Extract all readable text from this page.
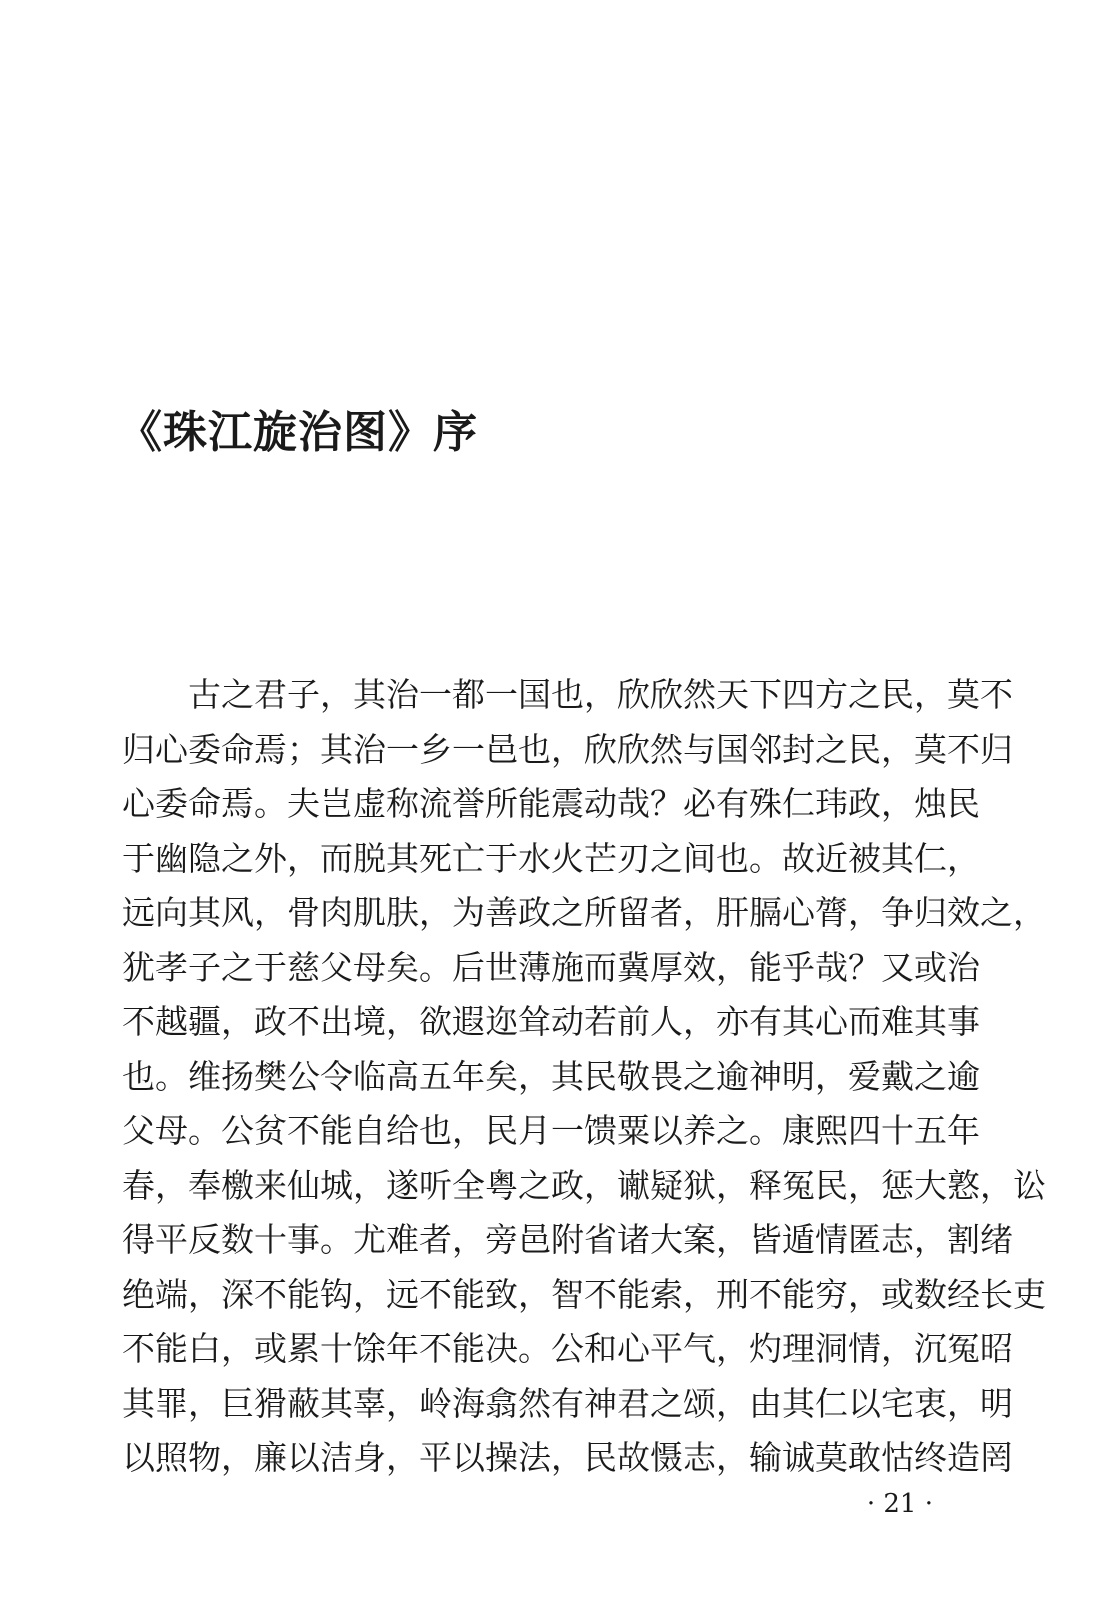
《珠江旋治图》序
古之君子，其治一都一国也，欣欣然天下四方之民，莫不
归心委命焉；其治一乡一邑也，欣欣然与国邻封之民，莫不归
心委命焉。夫岂虚称流誉所能震动哉？必有殊仁玮政，烛民
于幽隐之外，而脱其死亡于水火芒刃之间也。故近被其仁，
远向其风，骨肉肌肤，为善政之所留者，肝膈心膂，争归效之，
犹孝子之于慈父母矣。后世薄施而冀厚效，能乎哉？又或治
不越疆，政不出境，欲遐迩耸动若前人，亦有其心而难其事
也。维扬樊公令临高五年矣，其民敬畏之逾神明，爱戴之逾
父母。公贫不能自给也，民月一馈粟以养之。康熙四十五年
春，奉檄来仙城，遂听全粤之政，谳疑狱，释冤民，惩大憝，讼
得平反数十事。尤难者，旁邑附省诸大案，皆遁情匿志，割绪
绝端，深不能钩，远不能致，智不能索，刑不能穷，或数经长吏
不能白，或累十馀年不能决。公和心平气，灼理洞情，沉冤昭
其罪，巨猾蔽其辜，岭海翕然有神君之颂，由其仁以宅衷，明
以照物，廉以洁身，平以操法，民故慑志，输诚莫敢怙终造罔
· 21 ·
